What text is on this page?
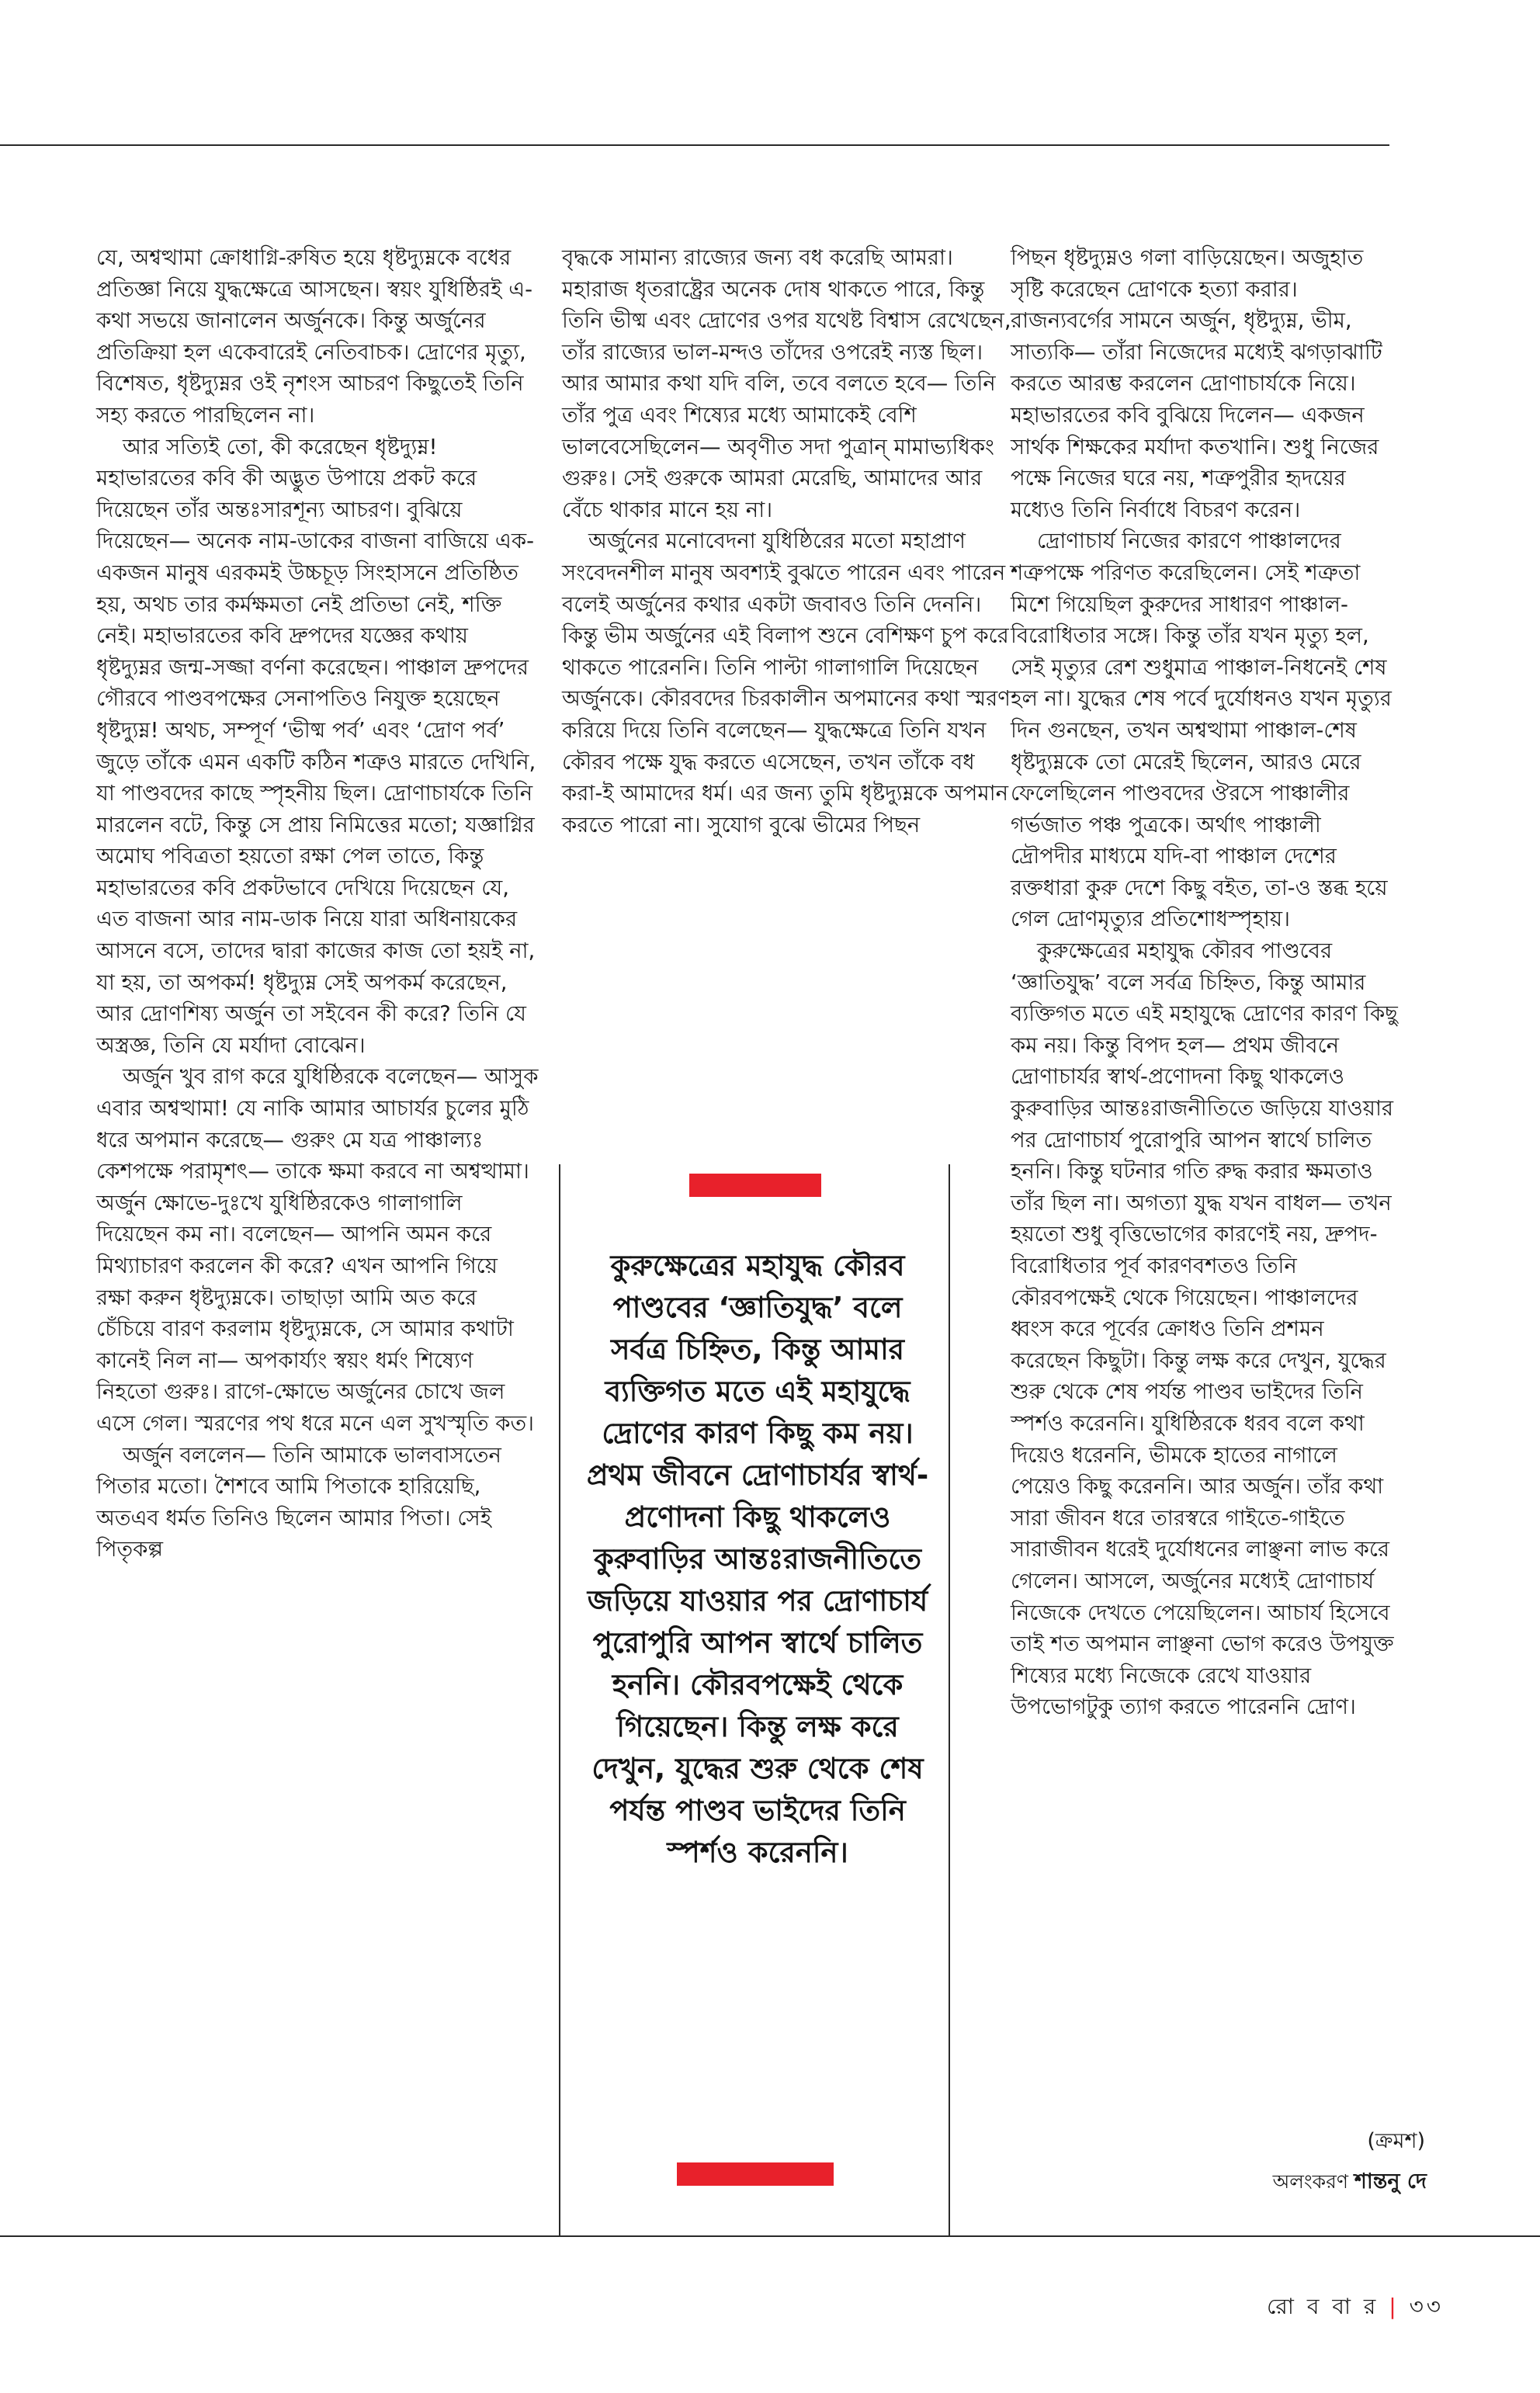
যে, অশ্বত্থামা ক্রোধাগ্নি-রুষিত হয়ে ধৃষ্টদ্যুম্নকে বধের প্রতিজ্ঞা নিয়ে যুদ্ধক্ষেত্রে আসছেন। স্বয়ং যুধিষ্ঠিরই এ-কথা সভয়ে জানালেন অর্জুনকে। কিন্তু অর্জুনের প্রতিক্রিয়া হল একেবারেই নেতিবাচক। দ্রোণের মৃত্যু, বিশেষত, ধৃষ্টদ্যুম্নর ওই নৃশংস আচরণ কিছুতেই তিনি সহ্য করতে পারছিলেন না।

আর সত্যিই তো, কী করেছেন ধৃষ্টদ্যুম্ন! মহাভারতের কবি কী অদ্ভুত উপায়ে প্রকট করে দিয়েছেন তাঁর অন্তঃসারশূন্য আচরণ। বুঝিয়ে দিয়েছেন— অনেক নাম-ডাকের বাজনা বাজিয়ে এক-একজন মানুষ এরকমই উচ্চচূড় সিংহাসনে প্রতিষ্ঠিত হয়, অথচ তার কর্মক্ষমতা নেই প্রতিভা নেই, শক্তি নেই। মহাভারতের কবি দ্রুপদের যজ্ঞের কথায় ধৃষ্টদ্যুম্নর জন্ম-সজ্জা বর্ণনা করেছেন। পাঞ্চাল দ্রুপদের গৌরবে পাণ্ডবপক্ষের সেনাপতিও নিযুক্ত হয়েছেন ধৃষ্টদ্যুম্ন! অথচ, সম্পূর্ণ ‘ভীষ্ম পর্ব’ এবং ‘দ্রোণ পর্ব’ জুড়ে তাঁকে এমন একটি কঠিন শত্রুও মারতে দেখিনি, যা পাণ্ডবদের কাছে স্পৃহনীয় ছিল। দ্রোণাচার্যকে তিনি মারলেন বটে, কিন্তু সে প্রায় নিমিত্তের মতো; যজ্ঞাগ্নির অমোঘ পবিত্রতা হয়তো রক্ষা পেল তাতে, কিন্তু মহাভারতের কবি প্রকটভাবে দেখিয়ে দিয়েছেন যে, এত বাজনা আর নাম-ডাক নিয়ে যারা অধিনায়কের আসনে বসে, তাদের দ্বারা কাজের কাজ তো হয়ই না, যা হয়, তা অপকর্ম! ধৃষ্টদ্যুম্ন সেই অপকর্ম করেছেন, আর দ্রোণশিষ্য অর্জুন তা সইবেন কী করে? তিনি যে অস্ত্রজ্ঞ, তিনি যে মর্যাদা বোঝেন।

অর্জুন খুব রাগ করে যুধিষ্ঠিরকে বলেছেন— আসুক এবার অশ্বত্থামা! যে নাকি আমার আচার্যর চুলের মুঠি ধরে অপমান করেছে— গুরুং মে যত্র পাঞ্চাল্যঃ কেশপক্ষে পরামৃশৎ— তাকে ক্ষমা করবে না অশ্বত্থামা। অর্জুন ক্ষোভে-দুঃখে যুধিষ্ঠিরকেও গালাগালি দিয়েছেন কম না। বলেছেন— আপনি অমন করে মিথ্যাচারণ করলেন কী করে? এখন আপনি গিয়ে রক্ষা করুন ধৃষ্টদ্যুম্নকে। তাছাড়া আমি অত করে চেঁচিয়ে বারণ করলাম ধৃষ্টদ্যুম্নকে, সে আমার কথাটা কানেই নিল না— অপকার্য্যং স্বয়ং ধর্মং শিষ্যেণ নিহতো গুরুঃ। রাগে-ক্ষোভে অর্জুনের চোখে জল এসে গেল। স্মরণের পথ ধরে মনে এল সুখস্মৃতি কত।

অর্জুন বললেন— তিনি আমাকে ভালবাসতেন পিতার মতো। শৈশবে আমি পিতাকে হারিয়েছি, অতএব ধর্মত তিনিও ছিলেন আমার পিতা। সেই পিতৃকল্প

বৃদ্ধকে সামান্য রাজ্যের জন্য বধ করেছি আমরা। মহারাজ ধৃতরাষ্ট্রের অনেক দোষ থাকতে পারে, কিন্তু তিনি ভীষ্ম এবং দ্রোণের ওপর যথেষ্ট বিশ্বাস রেখেছেন, তাঁর রাজ্যের ভাল-মন্দও তাঁদের ওপরেই ন্যস্ত ছিল। আর আমার কথা যদি বলি, তবে বলতে হবে— তিনি তাঁর পুত্র এবং শিষ্যের মধ্যে আমাকেই বেশি ভালবেসেছিলেন— অবৃণীত সদা পুত্রান্ মামাভ্যধিকং গুরুঃ। সেই গুরুকে আমরা মেরেছি, আমাদের আর বেঁচে থাকার মানে হয় না।

অর্জুনের মনোবেদনা যুধিষ্ঠিরের মতো মহাপ্রাণ সংবেদনশীল মানুষ অবশ্যই বুঝতে পারেন এবং পারেন বলেই অর্জুনের কথার একটা জবাবও তিনি দেননি। কিন্তু ভীম অর্জুনের এই বিলাপ শুনে বেশিক্ষণ চুপ করে থাকতে পারেননি। তিনি পাল্টা গালাগালি দিয়েছেন অর্জুনকে। কৌরবদের চিরকালীন অপমানের কথা স্মরণ করিয়ে দিয়ে তিনি বলেছেন— যুদ্ধক্ষেত্রে তিনি যখন কৌরব পক্ষে যুদ্ধ করতে এসেছেন, তখন তাঁকে বধ করা-ই আমাদের ধর্ম। এর জন্য তুমি ধৃষ্টদ্যুম্নকে অপমান করতে পারো না। সুযোগ বুঝে ভীমের পিছন

কুরুক্ষেত্রের মহাযুদ্ধ কৌরব পাণ্ডবের ‘জ্ঞাতিযুদ্ধ’ বলে সর্বত্র চিহ্নিত, কিন্তু আমার ব্যক্তিগত মতে এই মহাযুদ্ধে দ্রোণের কারণ কিছু কম নয়। প্রথম জীবনে দ্রোণাচার্যর স্বার্থ-প্রণোদনা কিছু থাকলেও কুরুবাড়ির আন্তঃরাজনীতিতে জড়িয়ে যাওয়ার পর দ্রোণাচার্য পুরোপুরি আপন স্বার্থে চালিত হননি। কৌরবপক্ষেই থেকে গিয়েছেন। কিন্তু লক্ষ করে দেখুন, যুদ্ধের শুরু থেকে শেষ পর্যন্ত পাণ্ডব ভাইদের তিনি স্পর্শও করেননি।

পিছন ধৃষ্টদ্যুম্নও গলা বাড়িয়েছেন। অজুহাত সৃষ্টি করেছেন দ্রোণকে হত্যা করার। রাজন্যবর্গের সামনে অর্জুন, ধৃষ্টদ্যুম্ন, ভীম, সাত্যকি— তাঁরা নিজেদের মধ্যেই ঝগড়াঝাটি করতে আরম্ভ করলেন দ্রোণাচার্যকে নিয়ে। মহাভারতের কবি বুঝিয়ে দিলেন— একজন সার্থক শিক্ষকের মর্যাদা কতখানি। শুধু নিজের পক্ষে নিজের ঘরে নয়, শত্রুপুরীর হৃদয়ের মধ্যেও তিনি নির্বাধে বিচরণ করেন।

দ্রোণাচার্য নিজের কারণে পাঞ্চালদের শত্রুপক্ষে পরিণত করেছিলেন। সেই শত্রুতা মিশে গিয়েছিল কুরুদের সাধারণ পাঞ্চাল-বিরোধিতার সঙ্গে। কিন্তু তাঁর যখন মৃত্যু হল, সেই মৃত্যুর রেশ শুধুমাত্র পাঞ্চাল-নিধনেই শেষ হল না। যুদ্ধের শেষ পর্বে দুর্যোধনও যখন মৃত্যুর দিন গুনছেন, তখন অশ্বত্থামা পাঞ্চাল-শেষ ধৃষ্টদ্যুম্নকে তো মেরেই ছিলেন, আরও মেরে ফেলেছিলেন পাণ্ডবদের ঔরসে পাঞ্চালীর গর্ভজাত পঞ্চ পুত্রকে। অর্থাৎ পাঞ্চালী দ্রৌপদীর মাধ্যমে যদি-বা পাঞ্চাল দেশের রক্তধারা কুরু দেশে কিছু বইত, তা-ও স্তব্ধ হয়ে গেল দ্রোণমৃত্যুর প্রতিশোধস্পৃহায়।

কুরুক্ষেত্রের মহাযুদ্ধ কৌরব পাণ্ডবের ‘জ্ঞাতিযুদ্ধ’ বলে সর্বত্র চিহ্নিত, কিন্তু আমার ব্যক্তিগত মতে এই মহাযুদ্ধে দ্রোণের কারণ কিছু কম নয়। কিন্তু বিপদ হল— প্রথম জীবনে দ্রোণাচার্যর স্বার্থ-প্রণোদনা কিছু থাকলেও কুরুবাড়ির আন্তঃরাজনীতিতে জড়িয়ে যাওয়ার পর দ্রোণাচার্য পুরোপুরি আপন স্বার্থে চালিত হননি। কিন্তু ঘটনার গতি রুদ্ধ করার ক্ষমতাও তাঁর ছিল না। অগত্যা যুদ্ধ যখন বাধল— তখন হয়তো শুধু বৃত্তিভোগের কারণেই নয়, দ্রুপদ-বিরোধিতার পূর্ব কারণবশতও তিনি কৌরবপক্ষেই থেকে গিয়েছেন। পাঞ্চালদের ধ্বংস করে পূর্বের ক্রোধও তিনি প্রশমন করেছেন কিছুটা। কিন্তু লক্ষ করে দেখুন, যুদ্ধের শুরু থেকে শেষ পর্যন্ত পাণ্ডব ভাইদের তিনি স্পর্শও করেননি। যুধিষ্ঠিরকে ধরব বলে কথা দিয়েও ধরেননি, ভীমকে হাতের নাগালে পেয়েও কিছু করেননি। আর অর্জুন। তাঁর কথা সারা জীবন ধরে তারস্বরে গাইতে-গাইতে সারাজীবন ধরেই দুর্যোধনের লাঞ্ছনা লাভ করে গেলেন। আসলে, অর্জুনের মধ্যেই দ্রোণাচার্য নিজেকে দেখতে পেয়েছিলেন। আচার্য হিসেবে তাই শত অপমান লাঞ্ছনা ভোগ করেও উপযুক্ত শিষ্যের মধ্যে নিজেকে রেখে যাওয়ার উপভোগটুকু ত্যাগ করতে পারেননি দ্রোণ।

(ক্রমশ)
অলংকরণ শান্তনু দে
রো ব বা র | ৩৩
